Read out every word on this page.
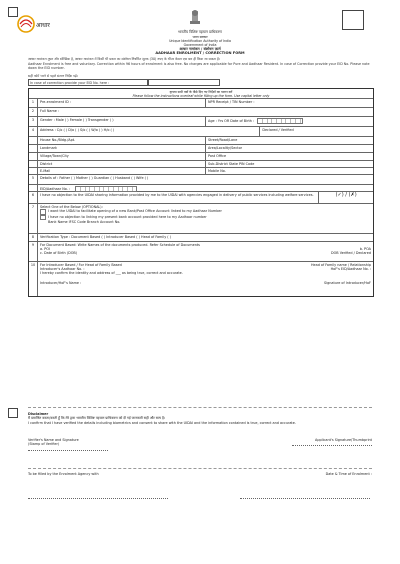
आधार
भारतीय विशिष्ट पहचान प्राधिकरण
भारत सरकार
Unique Identification Authority of India
Government of India
आधार नामांकन / संशोधन फ़ार्म
AADHAAR ENROLMENT / CORRECTION FORM
आधार नामांकन मुफ्त और स्वैच्छिक है, आधार नामांकन में किसी भी प्रकार का संशोधन निर्धारित शुल्क (30) रुपए के भीतर केवल एक बार ही किया जा सकता है।
Aadhaar Enrolment is free and voluntary. Correction within 96 hours of enrolment is also free. No charges are applicable for Pure and Aadhaar Resident. In case of Correction provide your EID No. Please note down the EID number.
सही फॉर्म भरने से पहले संलग्न निर्देश पढ़ें।
In case of correction provide your EID No. here :
कृपया सभी पत्रों के पीछे दिए गए निर्देशों का पालन करें
Please follow the instructions overleaf while filling up the form. Use capital letter only
1	Pre-enrolment ID :	NPR Receipt / TIN Number :
2	Full Name :
3	Gender : Male ( ) Female ( ) Transgender ( )	Age : Yrs OR Date of Birth :
4	Address : C/o ( ) D/o ( ) S/o ( ) W/o ( ) H/o ( )	Declared / Verified
House No./Bldg./Apt.	Street/Road/Lane
Landmark	Area/Locality/Sector
Village/Town/City	Post Office
District	Sub-District State PIN Code
E-Mail	Mobile No.
5	Details of : Father ( ) Mother ( ) Guardian ( ) Husband ( ) Wife ( )
EID/Aadhaar No. :
6	I have no objection to the UIDAI sharing information provided by me to the UIDAI with agencies engaged in delivery of public services including welfare services.	(✓) / (✗)
7	Select One of the Below (OPTIONAL):
I want the UIDAI to facilitate opening of a new Bank/Post Office Account linked to my Aadhaar Number
I have no objection to linking my present bank account provided here to my Aadhaar number
Bank Name IFSC Code Branch Account No.
8	Verification Type : Document Based ( ) Introducer Based ( ) Head of Family ( )
9	For Document Based: Write Names of the documents produced. Refer Schedule of Documents
a. POI	b. POA
c. Date of Birth (DOB)	DOB Verified / Declared
10	For Introducer Based / For Head of Family Based	Head of Family name / Relationship
Introducer's Aadhaar No. :	HoF's EID/Aadhaar No. :
I hereby confirm the identity and address of ___ as being true, correct and accurate.
Introducer/HoF's Name :	Signature of Introducer/HoF
Disclaimer
मैं प्रमाणित करता/करती हूँ कि मेरे द्वारा भारतीय विशिष्ट पहचान प्राधिकरण को दी गई जानकारी सही और सत्य है।
I confirm that I have verified the details including biometrics and consent to share with the UIDAI and the information contained is true, correct and accurate.
Verifier's Name and Signature
(Stamp of Verifier)
Applicant's Signature/Thumbprint
To be filled by the Enrolment Agency with	Date & Time of Enrolment :
